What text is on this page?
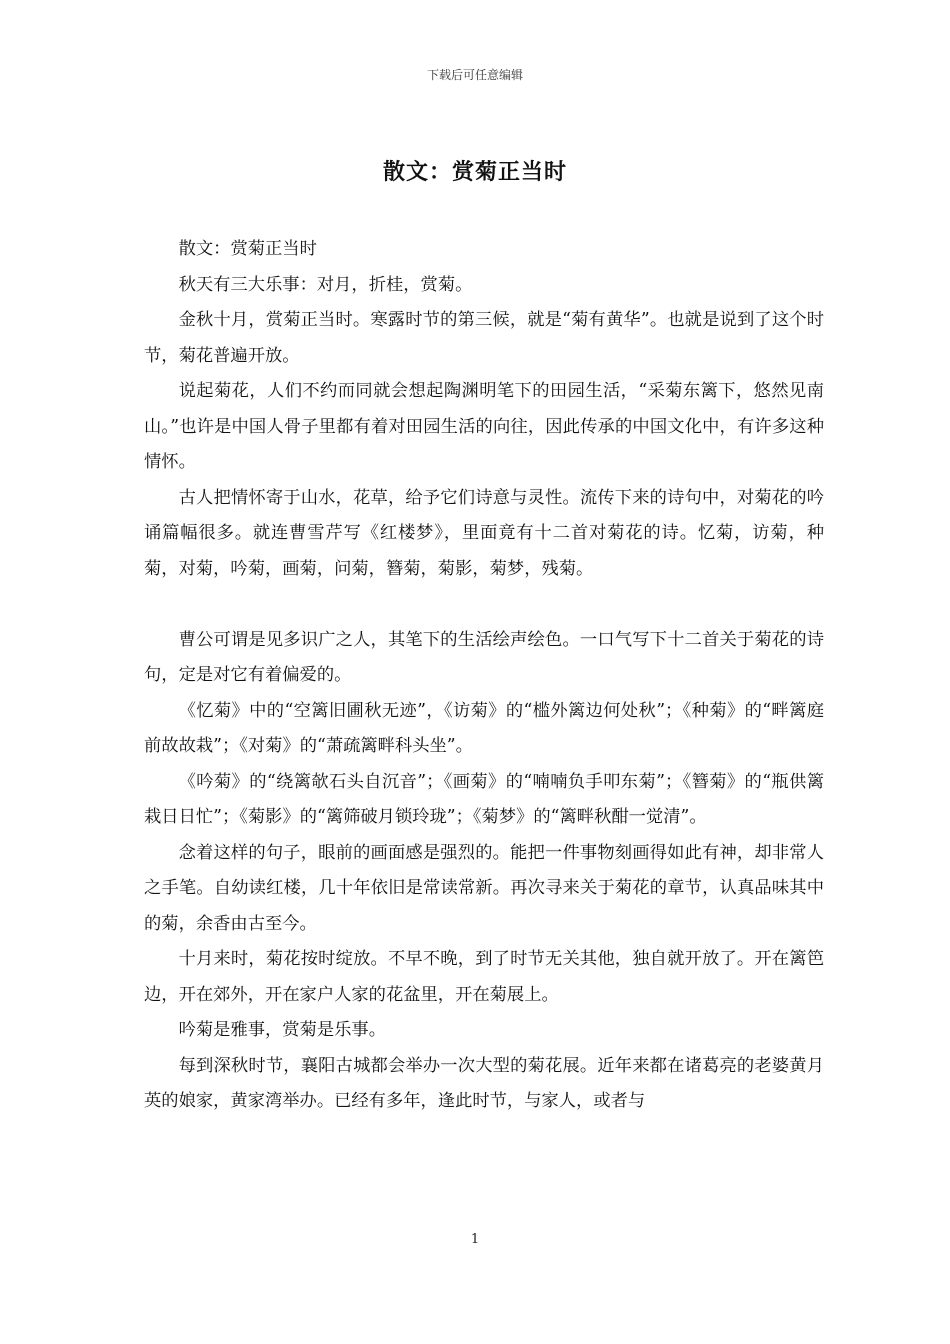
下载后可任意编辑
散文：赏菊正当时

散文：赏菊正当时

秋天有三大乐事：对月，折桂，赏菊。

金秋十月，赏菊正当时。寒露时节的第三候，就是“菊有黄华”。也就是说到了这个时节，菊花普遍开放。

说起菊花，人们不约而同就会想起陶渊明笔下的田园生活，“采菊东篱下，悠然见南山。”也许是中国人骨子里都有着对田园生活的向往，因此传承的中国文化中，有许多这种情怀。

古人把情怀寄于山水，花草，给予它们诗意与灵性。流传下来的诗句中，对菊花的吟诵篇幅很多。就连曹雪芹写《红楼梦》，里面竟有十二首对菊花的诗。忆菊，访菊，种菊，对菊，吟菊，画菊，问菊，簪菊，菊影，菊梦，残菊。

曹公可谓是见多识广之人，其笔下的生活绘声绘色。一口气写下十二首关于菊花的诗句，定是对它有着偏爱的。

《忆菊》中的“空篱旧圃秋无迹”，《访菊》的“槛外篱边何处秋”；《种菊》的“畔篱庭前故故栽”；《对菊》的“萧疏篱畔科头坐”。

《吟菊》的“绕篱欹石头自沉音”；《画菊》的“喃喃负手叩东菊”；《簪菊》的“瓶供篱栽日日忙”；《菊影》的“篱筛破月锁玲珑”；《菊梦》的“篱畔秋酣一觉清”。

念着这样的句子，眼前的画面感是强烈的。能把一件事物刻画得如此有神，却非常人之手笔。自幼读红楼，几十年依旧是常读常新。再次寻来关于菊花的章节，认真品味其中的菊，余香由古至今。

十月来时，菊花按时绽放。不早不晚，到了时节无关其他，独自就开放了。开在篱笆边，开在郊外，开在家户人家的花盆里，开在菊展上。

吟菊是雅事，赏菊是乐事。

每到深秋时节，襄阳古城都会举办一次大型的菊花展。近年来都在诸葛亮的老婆黄月英的娘家，黄家湾举办。已经有多年，逢此时节，与家人，或者与

1
